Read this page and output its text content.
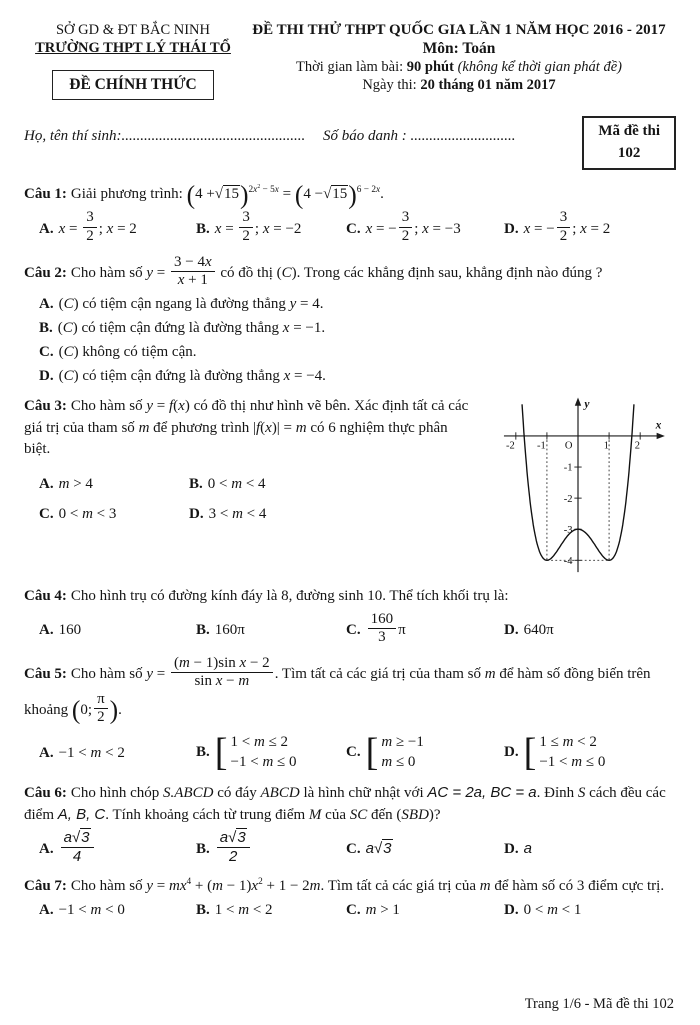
SỞ GD & ĐT BẮC NINH
TRƯỜNG THPT LÝ THÁI TỔ
ĐỀ CHÍNH THỨC
ĐỀ THI THỬ THPT QUỐC GIA LẦN 1 NĂM HỌC 2016 - 2017
Môn: Toán
Thời gian làm bài: 90 phút (không kể thời gian phát đề)
Ngày thi: 20 tháng 01 năm 2017
Họ, tên thí sinh:................................................. Số báo danh : ............................	Mã đề thi
102

Câu 1: Giải phương trình: ( 4 + √15 ) $^{2x^2 - 5x}$ = ( 4 − √15 ) $^{6 - 2x}$.

A. $x = \frac{3}{2}$ ; x = 2	B. $x = \frac{3}{2}$ ; x = −2	C. x = − $\frac{3}{2}$ ; x = −3	D. x = − $\frac{3}{2}$ ; x = 2

Câu 2: Cho hàm số $y = \frac{3 - 4x}{x + 1}$ có đồ thị (C). Trong các khẳng định sau, khẳng định nào đúng ?

A. (C) có tiệm cận ngang là đường thẳng y = 4.
B. (C) có tiệm cận đứng là đường thẳng x = −1.
C. (C) không có tiệm cận.
D. (C) có tiệm cận đứng là đường thẳng x = −4.
-2 -1	1 2
O
-1
-2
-3
-4
x
y

Câu 3: Cho hàm số y = f(x) có đồ thị như hình vẽ bên. Xác định tất cả các giá trị của tham số m để phương trình |f(x)| = m có 6 nghiệm thực phân biệt.

A. m > 4	B. 0 < m < 4
C. 0 < m < 3	D. 3 < m < 4

Câu 4: Cho hình trụ có đường kính đáy là 8, đường sinh 10. Thể tích khối trụ là:

A. 160	B. 160π	C. $\frac{160}{3}$ π	D. 640π

Câu 5: Cho hàm số $y = \frac{\text{(m − 1)sin x − 2}}{\text{sin x − m}}$ . Tìm tất cả các giá trị của tham số m để hàm số đồng biến trên khoảng ( 0;
π
2 ) .

A. −1 < m < 2	B. [ 1 < m ≤ 2
−1 < m ≤ 0
C. [ m ≥ −1
m ≤ 0
D. [ 1 ≤ m < 2
−1 < m ≤ 0

Câu 6: Cho hình chóp S.ABCD có đáy ABCD là hình chữ nhật với AC = 2a, BC = a. Đỉnh S cách đều các điểm A, B, C. Tính khoảng cách từ trung điểm M của SC đến (SBD)?

A. $\frac{a√3}{4}$	B. $\frac{a√3}{2}$	C. a√3	D. a

Câu 7: Cho hàm số $y = mx^4 + (m - 1)x^2 + 1 - 2m$. Tìm tất cả các giá trị của m để hàm số có 3 điểm cực trị.

A. −1 < m < 0	B. 1 < m < 2	C. m > 1	D. 0 < m < 1
Trang 1/6 - Mã đề thi 102
